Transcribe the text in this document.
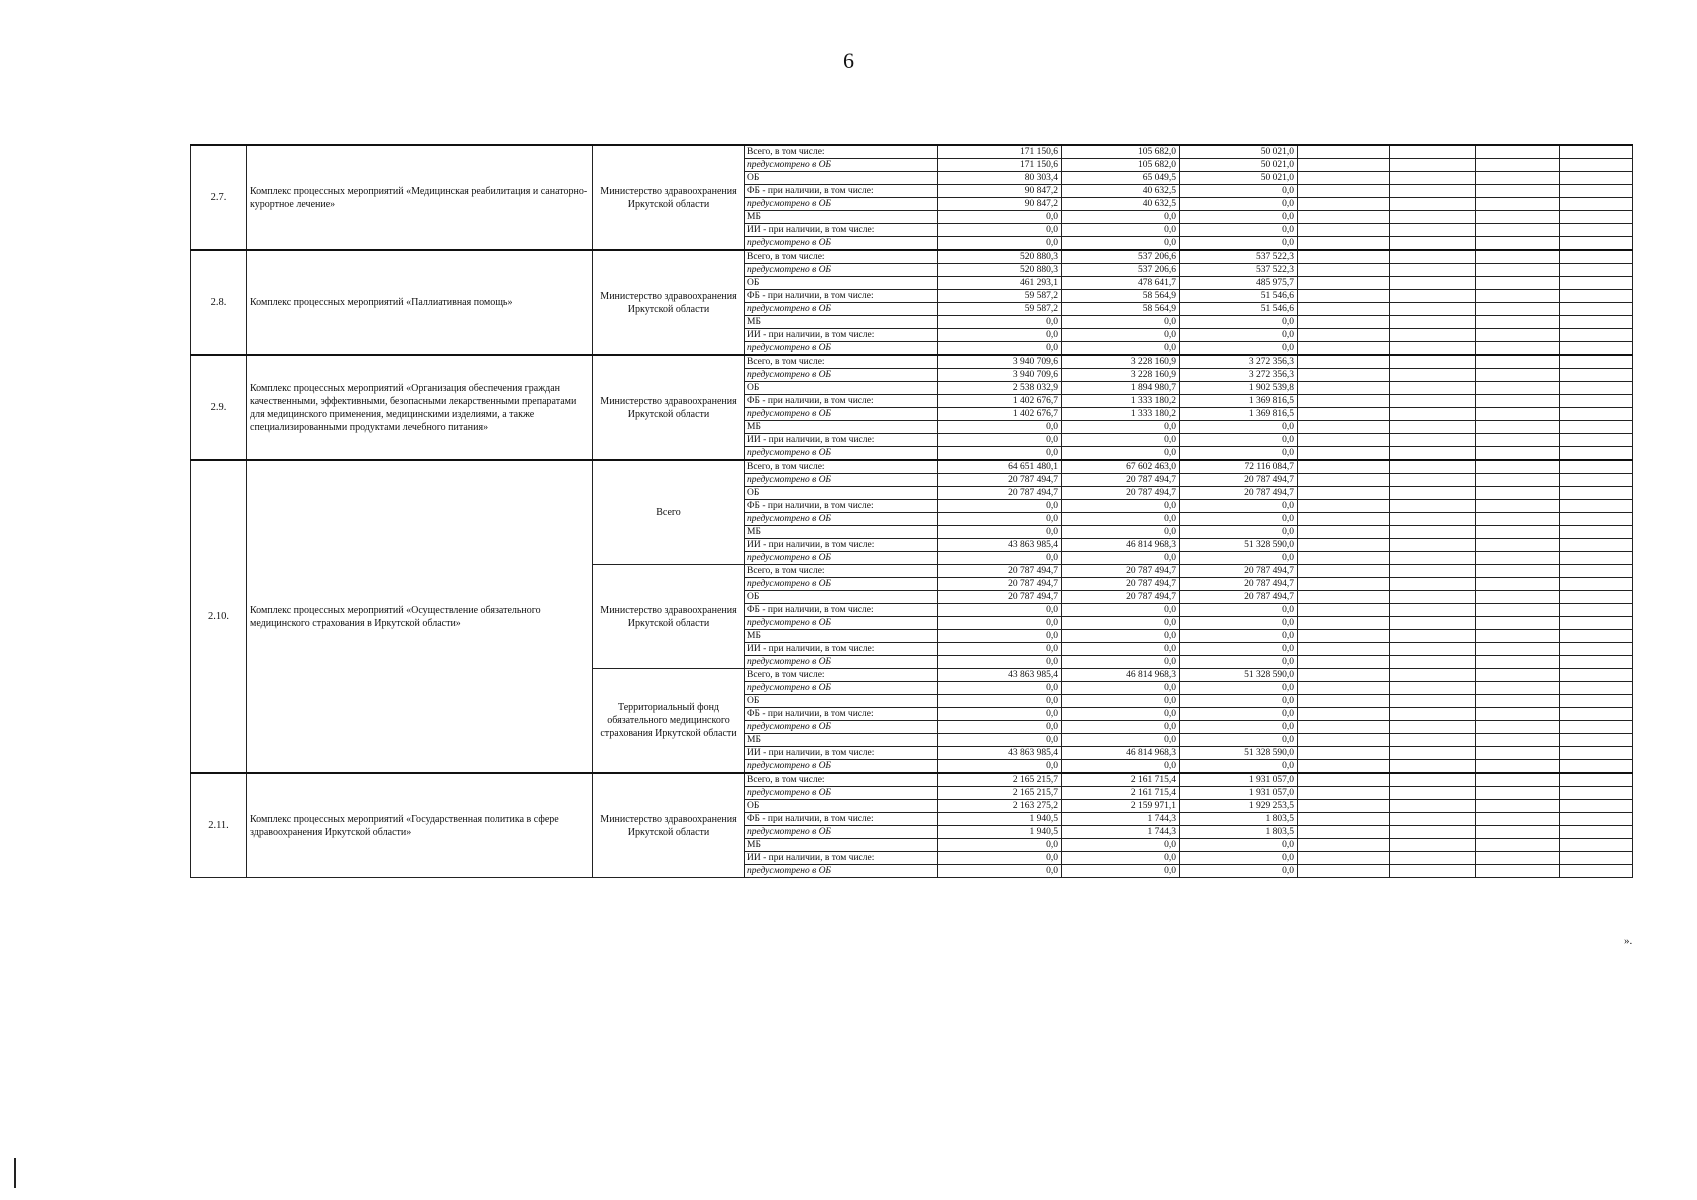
6
2.7.	Комплекс процессных мероприятий «Медицинская реабилитация и санаторно-курортное лечение»	Министерство здравоохранения Иркутской области	Всего, в том числе:	171 150,6	105 682,0	50 021,0				
			предусмотрено в ОБ	171 150,6	105 682,0	50 021,0				
			ОБ	80 303,4	65 049,5	50 021,0				
			ФБ - при наличии, в том числе:	90 847,2	40 632,5	0,0				
			предусмотрено в ОБ	90 847,2	40 632,5	0,0				
			МБ	0,0	0,0	0,0				
			ИИ - при наличии, в том числе:	0,0	0,0	0,0				
			предусмотрено в ОБ	0,0	0,0	0,0				
2.8.	Комплекс процессных мероприятий «Паллиативная помощь»	Министерство здравоохранения Иркутской области	Всего, в том числе:	520 880,3	537 206,6	537 522,3				
			предусмотрено в ОБ	520 880,3	537 206,6	537 522,3				
			ОБ	461 293,1	478 641,7	485 975,7				
			ФБ - при наличии, в том числе:	59 587,2	58 564,9	51 546,6				
			предусмотрено в ОБ	59 587,2	58 564,9	51 546,6				
			МБ	0,0	0,0	0,0				
			ИИ - при наличии, в том числе:	0,0	0,0	0,0				
			предусмотрено в ОБ	0,0	0,0	0,0				
2.9.	Комплекс процессных мероприятий «Организация обеспечения граждан качественными, эффективными, безопасными лекарственными препаратами для медицинского применения, медицинскими изделиями, а также специализированными продуктами лечебного питания»	Министерство здравоохранения Иркутской области	Всего, в том числе:	3 940 709,6	3 228 160,9	3 272 356,3				
			предусмотрено в ОБ	3 940 709,6	3 228 160,9	3 272 356,3				
			ОБ	2 538 032,9	1 894 980,7	1 902 539,8				
			ФБ - при наличии, в том числе:	1 402 676,7	1 333 180,2	1 369 816,5				
			предусмотрено в ОБ	1 402 676,7	1 333 180,2	1 369 816,5				
			МБ	0,0	0,0	0,0				
			ИИ - при наличии, в том числе:	0,0	0,0	0,0				
			предусмотрено в ОБ	0,0	0,0	0,0				
2.10.	Комплекс процессных мероприятий «Осуществление обязательного медицинского страхования в Иркутской области»	Всего	Всего, в том числе:	64 651 480,1	67 602 463,0	72 116 084,7				
			предусмотрено в ОБ	20 787 494,7	20 787 494,7	20 787 494,7				
			ОБ	20 787 494,7	20 787 494,7	20 787 494,7				
			ФБ - при наличии, в том числе:	0,0	0,0	0,0				
			предусмотрено в ОБ	0,0	0,0	0,0				
			МБ	0,0	0,0	0,0				
			ИИ - при наличии, в том числе:	43 863 985,4	46 814 968,3	51 328 590,0				
			предусмотрено в ОБ	0,0	0,0	0,0				
		Министерство здравоохранения Иркутской области	Всего, в том числе:	20 787 494,7	20 787 494,7	20 787 494,7				
			предусмотрено в ОБ	20 787 494,7	20 787 494,7	20 787 494,7				
			ОБ	20 787 494,7	20 787 494,7	20 787 494,7				
			ФБ - при наличии, в том числе:	0,0	0,0	0,0				
			предусмотрено в ОБ	0,0	0,0	0,0				
			МБ	0,0	0,0	0,0				
			ИИ - при наличии, в том числе:	0,0	0,0	0,0				
			предусмотрено в ОБ	0,0	0,0	0,0				
		Территориальный фонд обязательного медицинского страхования Иркутской области	Всего, в том числе:	43 863 985,4	46 814 968,3	51 328 590,0				
			предусмотрено в ОБ	0,0	0,0	0,0				
			ОБ	0,0	0,0	0,0				
			ФБ - при наличии, в том числе:	0,0	0,0	0,0				
			предусмотрено в ОБ	0,0	0,0	0,0				
			МБ	0,0	0,0	0,0				
			ИИ - при наличии, в том числе:	43 863 985,4	46 814 968,3	51 328 590,0				
			предусмотрено в ОБ	0,0	0,0	0,0				
2.11.	Комплекс процессных мероприятий «Государственная политика в сфере здравоохранения Иркутской области»	Министерство здравоохранения Иркутской области	Всего, в том числе:	2 165 215,7	2 161 715,4	1 931 057,0				
			предусмотрено в ОБ	2 165 215,7	2 161 715,4	1 931 057,0				
			ОБ	2 163 275,2	2 159 971,1	1 929 253,5				
			ФБ - при наличии, в том числе:	1 940,5	1 744,3	1 803,5				
			предусмотрено в ОБ	1 940,5	1 744,3	1 803,5				
			МБ	0,0	0,0	0,0				
			ИИ - при наличии, в том числе:	0,0	0,0	0,0				
			предусмотрено в ОБ	0,0	0,0	0,0				
».
